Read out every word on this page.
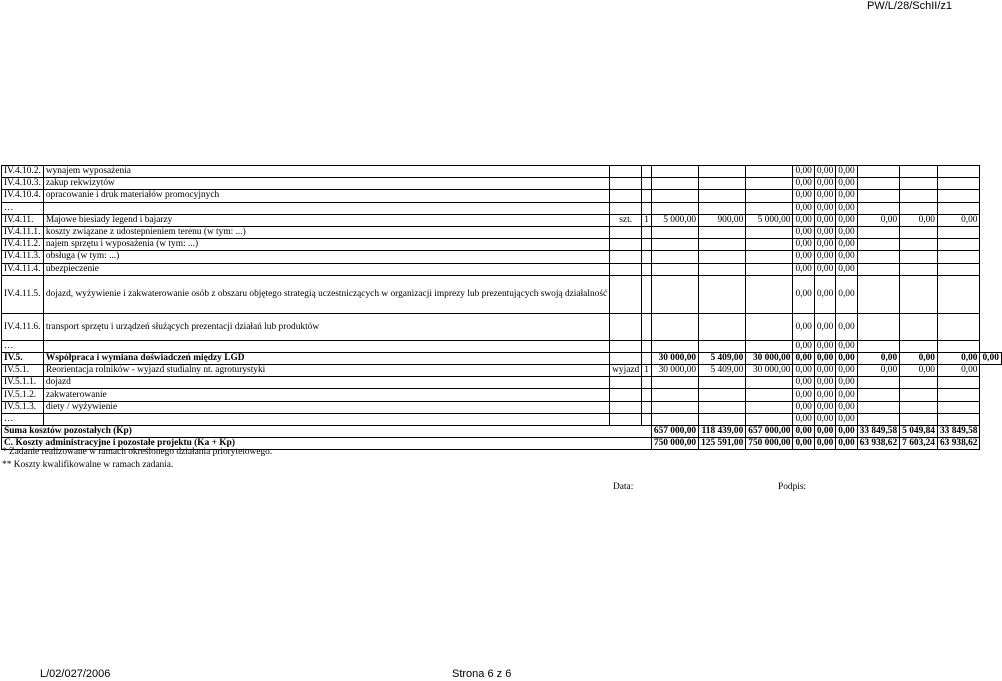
PW/L/28/SchII/z1
IV.4.10.2.	wynajem wyposażenia						0,00	0,00	0,00				
IV.4.10.3.	zakup rekwizytów						0,00	0,00	0,00				
IV.4.10.4.	opracowanie i druk materiałów promocyjnych						0,00	0,00	0,00				
…							0,00	0,00	0,00				
IV.4.11.	Majowe biesiady legend i bajarzy	szt.	1	5 000,00	900,00	5 000,00	0,00	0,00	0,00	0,00	0,00	0,00	
IV.4.11.1.	koszty związane z udostepnieniem terenu (w tym: ...)						0,00	0,00	0,00				
IV.4.11.2.	najem sprzętu i wyposażenia (w tym: ...)						0,00	0,00	0,00				
IV.4.11.3.	obsługa (w tym: ...)						0,00	0,00	0,00				
IV.4.11.4.	ubezpieczenie						0,00	0,00	0,00				
IV.4.11.5.	dojazd, wyżywienie i zakwaterowanie osób z obszaru objętego strategią uczestniczących w organizacji imprezy lub prezentujących swoją działalność						0,00	0,00	0,00				
IV.4.11.6.	transport sprzętu i urządzeń służących prezentacji działań lub produktów						0,00	0,00	0,00				
…							0,00	0,00	0,00				
IV.5.	Współpraca i wymiana doświadczeń między LGD			30 000,00	5 409,00	30 000,00	0,00	0,00	0,00	0,00	0,00	0,00	0,00
IV.5.1.	Reorientacja rolników - wyjazd studialny nt. agroturystyki	wyjazd	1	30 000,00	5 409,00	30 000,00	0,00	0,00	0,00	0,00	0,00	0,00	
IV.5.1.1.	dojazd						0,00	0,00	0,00				
IV.5.1.2.	zakwaterowanie						0,00	0,00	0,00				
IV.5.1.3.	diety / wyżywienie						0,00	0,00	0,00				
…							0,00	0,00	0,00				
Suma kosztów pozostałych (Kp)				657 000,00	118 439,00	657 000,00	0,00	0,00	0,00	33 849,58	5 049,84	33 849,58	
C. Koszty administracyjne i pozostałe projektu (Ka + Kp)				750 000,00	125 591,00	750 000,00	0,00	0,00	0,00	63 938,62	7 603,24	63 938,62	
* Zadanie realizowane w ramach określonego działania priorytetowego.
** Koszty kwalifikowalne w ramach zadania.
Data:	Podpis:
L/02/027/2006	Strona 6 z 6
